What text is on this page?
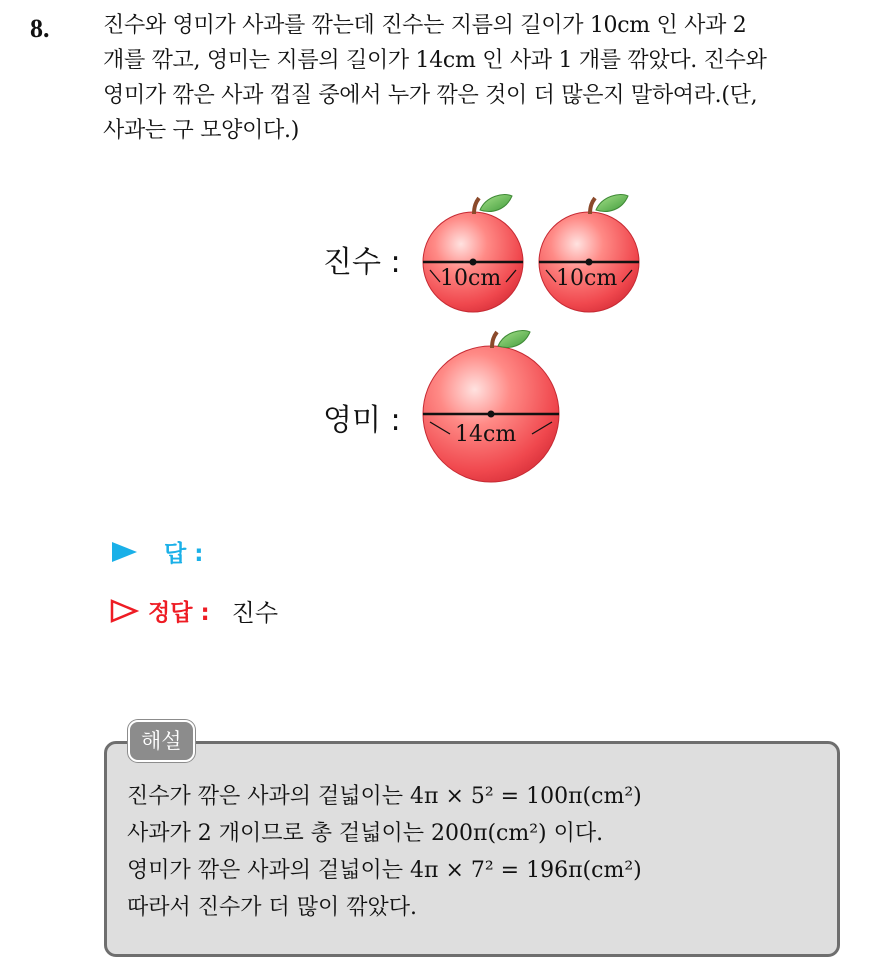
8. 진수와 영미가 사과를 깎는데 진수는 지름의 길이가 10cm 인 사과 2
개를 깎고, 영미는 지름의 길이가 14cm 인 사과 1 개를 깎았다. 진수와
영미가 깎은 사과 껍질 중에서 누가 깎은 것이 더 많은지 말하여라.(단,
사과는 구 모양이다.)
진수 :
영미 :
10cm 10cm
14cm
답 :
정답 : 진수
해설
진수가 깎은 사과의 겉넓이는 4π × 5² = 100π(cm²)
사과가 2 개이므로 총 겉넓이는 200π(cm²) 이다.
영미가 깎은 사과의 겉넓이는 4π × 7² = 196π(cm²)
따라서 진수가 더 많이 깎았다.
